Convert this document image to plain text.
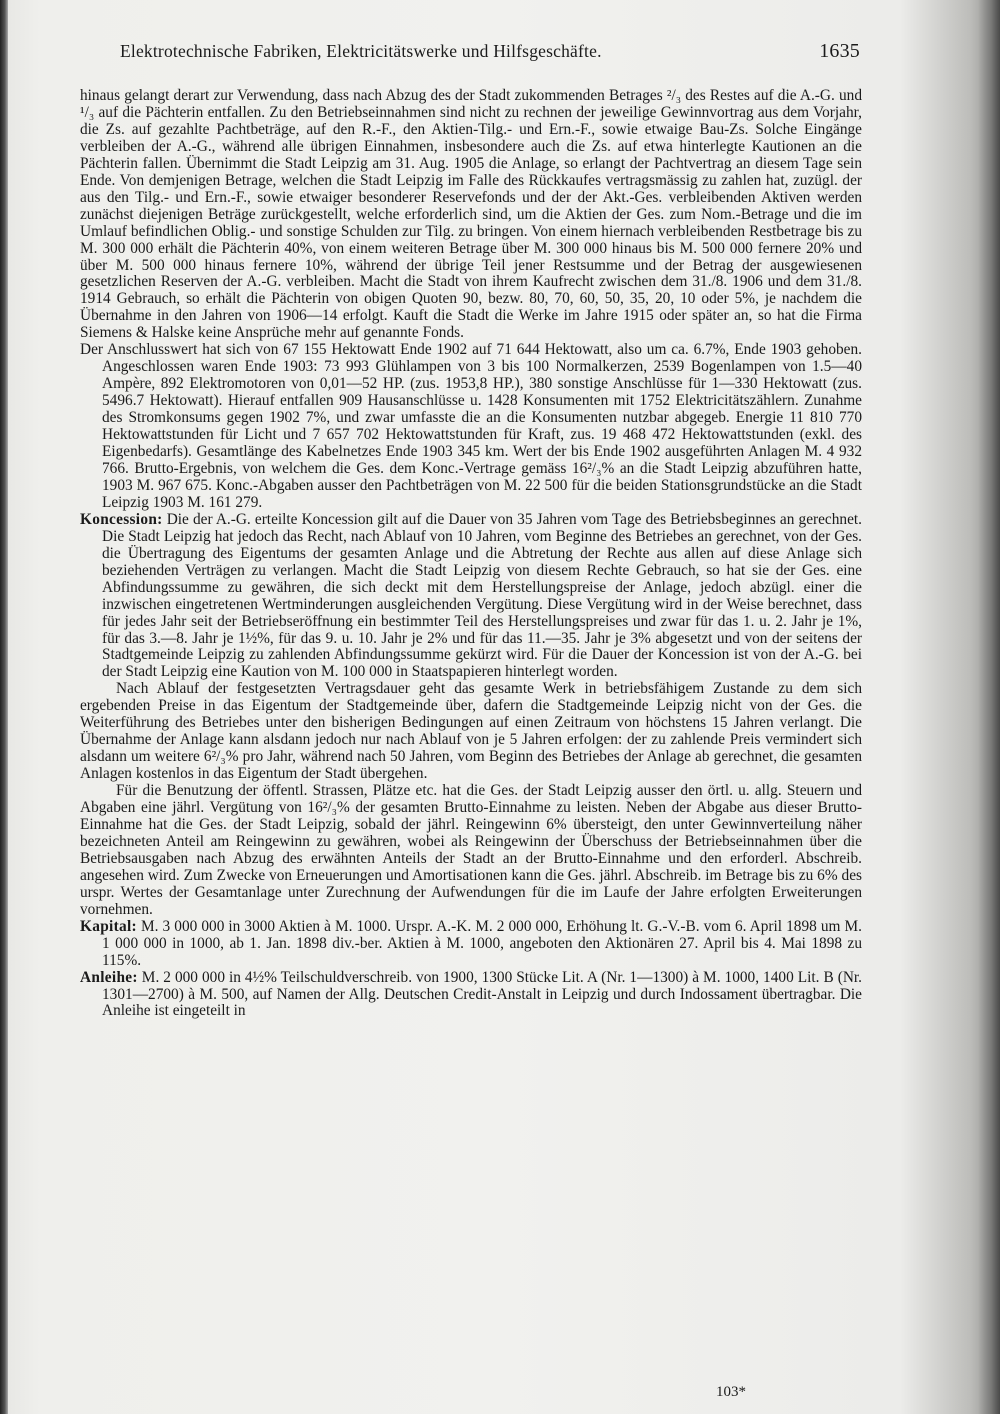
Elektrotechnische Fabriken, Elektricitätswerke und Hilfsgeschäfte.	1635

hinaus gelangt derart zur Verwendung, dass nach Abzug des der Stadt zukommenden Betrages ²/₃ des Restes auf die A.-G. und ¹/₃ auf die Pächterin entfallen. Zu den Betriebseinnahmen sind nicht zu rechnen der jeweilige Gewinnvortrag aus dem Vorjahr, die Zs. auf gezahlte Pachtbeträge, auf den R.-F., den Aktien-Tilg.- und Ern.-F., sowie etwaige Bau-Zs. Solche Eingänge verbleiben der A.-G., während alle übrigen Einnahmen, insbesondere auch die Zs. auf etwa hinterlegte Kautionen an die Pächterin fallen. Übernimmt die Stadt Leipzig am 31. Aug. 1905 die Anlage, so erlangt der Pachtvertrag an diesem Tage sein Ende. Von demjenigen Betrage, welchen die Stadt Leipzig im Falle des Rückkaufes vertragsmässig zu zahlen hat, zuzügl. der aus den Tilg.- und Ern.-F., sowie etwaiger besonderer Reservefonds und der der Akt.-Ges. verbleibenden Aktiven werden zunächst diejenigen Beträge zurückgestellt, welche erforderlich sind, um die Aktien der Ges. zum Nom.-Betrage und die im Umlauf befindlichen Oblig.- und sonstige Schulden zur Tilg. zu bringen. Von einem hiernach verbleibenden Restbetrage bis zu M. 300 000 erhält die Pächterin 40%, von einem weiteren Betrage über M. 300 000 hinaus bis M. 500 000 fernere 20% und über M. 500 000 hinaus fernere 10%, während der übrige Teil jener Restsumme und der Betrag der ausgewiesenen gesetzlichen Reserven der A.-G. verbleiben. Macht die Stadt von ihrem Kaufrecht zwischen dem 31./8. 1906 und dem 31./8. 1914 Gebrauch, so erhält die Pächterin von obigen Quoten 90, bezw. 80, 70, 60, 50, 35, 20, 10 oder 5%, je nachdem die Übernahme in den Jahren von 1906—14 erfolgt. Kauft die Stadt die Werke im Jahre 1915 oder später an, so hat die Firma Siemens & Halske keine Ansprüche mehr auf genannte Fonds.

Der Anschlusswert hat sich von 67 155 Hektowatt Ende 1902 auf 71 644 Hektowatt, also um ca. 6.7%, Ende 1903 gehoben. Angeschlossen waren Ende 1903: 73 993 Glühlampen von 3 bis 100 Normalkerzen, 2539 Bogenlampen von 1.5—40 Ampère, 892 Elektromotoren von 0,01—52 HP. (zus. 1953,8 HP.), 380 sonstige Anschlüsse für 1—330 Hektowatt (zus. 5496.7 Hektowatt). Hierauf entfallen 909 Hausanschlüsse u. 1428 Konsumenten mit 1752 Elektricitätszählern. Zunahme des Stromkonsums gegen 1902 7%, und zwar umfasste die an die Konsumenten nutzbar abgegeb. Energie 11 810 770 Hektowattstunden für Licht und 7 657 702 Hektowattstunden für Kraft, zus. 19 468 472 Hektowattstunden (exkl. des Eigenbedarfs). Gesamtlänge des Kabelnetzes Ende 1903 345 km. Wert der bis Ende 1902 ausgeführten Anlagen M. 4 932 766. Brutto-Ergebnis, von welchem die Ges. dem Konc.-Vertrage gemäss 16²/₃% an die Stadt Leipzig abzuführen hatte, 1903 M. 967 675. Konc.-Abgaben ausser den Pachtbeträgen von M. 22 500 für die beiden Stationsgrundstücke an die Stadt Leipzig 1903 M. 161 279.

Koncession: Die der A.-G. erteilte Koncession gilt auf die Dauer von 35 Jahren vom Tage des Betriebsbeginnes an gerechnet. Die Stadt Leipzig hat jedoch das Recht, nach Ablauf von 10 Jahren, vom Beginne des Betriebes an gerechnet, von der Ges. die Übertragung des Eigentums der gesamten Anlage und die Abtretung der Rechte aus allen auf diese Anlage sich beziehenden Verträgen zu verlangen. Macht die Stadt Leipzig von diesem Rechte Gebrauch, so hat sie der Ges. eine Abfindungssumme zu gewähren, die sich deckt mit dem Herstellungspreise der Anlage, jedoch abzügl. einer die inzwischen eingetretenen Wertminderungen ausgleichenden Vergütung. Diese Vergütung wird in der Weise berechnet, dass für jedes Jahr seit der Betriebseröffnung ein bestimmter Teil des Herstellungspreises und zwar für das 1. u. 2. Jahr je 1%, für das 3.—8. Jahr je 1½%, für das 9. u. 10. Jahr je 2% und für das 11.—35. Jahr je 3% abgesetzt und von der seitens der Stadtgemeinde Leipzig zu zahlenden Abfindungssumme gekürzt wird. Für die Dauer der Koncession ist von der A.-G. bei der Stadt Leipzig eine Kaution von M. 100 000 in Staatspapieren hinterlegt worden.

Nach Ablauf der festgesetzten Vertragsdauer geht das gesamte Werk in betriebsfähigem Zustande zu dem sich ergebenden Preise in das Eigentum der Stadtgemeinde über, dafern die Stadtgemeinde Leipzig nicht von der Ges. die Weiterführung des Betriebes unter den bisherigen Bedingungen auf einen Zeitraum von höchstens 15 Jahren verlangt. Die Übernahme der Anlage kann alsdann jedoch nur nach Ablauf von je 5 Jahren erfolgen: der zu zahlende Preis vermindert sich alsdann um weitere 6²/₃% pro Jahr, während nach 50 Jahren, vom Beginn des Betriebes der Anlage ab gerechnet, die gesamten Anlagen kostenlos in das Eigentum der Stadt übergehen.

Für die Benutzung der öffentl. Strassen, Plätze etc. hat die Ges. der Stadt Leipzig ausser den örtl. u. allg. Steuern und Abgaben eine jährl. Vergütung von 16²/₃% der gesamten Brutto-Einnahme zu leisten. Neben der Abgabe aus dieser Brutto-Einnahme hat die Ges. der Stadt Leipzig, sobald der jährl. Reingewinn 6% übersteigt, den unter Gewinnverteilung näher bezeichneten Anteil am Reingewinn zu gewähren, wobei als Reingewinn der Überschuss der Betriebseinnahmen über die Betriebsausgaben nach Abzug des erwähnten Anteils der Stadt an der Brutto-Einnahme und den erforderl. Abschreib. angesehen wird. Zum Zwecke von Erneuerungen und Amortisationen kann die Ges. jährl. Abschreib. im Betrage bis zu 6% des urspr. Wertes der Gesamtanlage unter Zurechnung der Aufwendungen für die im Laufe der Jahre erfolgten Erweiterungen vornehmen.

Kapital: M. 3 000 000 in 3000 Aktien à M. 1000. Urspr. A.-K. M. 2 000 000, Erhöhung lt. G.-V.-B. vom 6. April 1898 um M. 1 000 000 in 1000, ab 1. Jan. 1898 div.-ber. Aktien à M. 1000, angeboten den Aktionären 27. April bis 4. Mai 1898 zu 115%.

Anleihe: M. 2 000 000 in 4½% Teilschuldverschreib. von 1900, 1300 Stücke Lit. A (Nr. 1—1300) à M. 1000, 1400 Lit. B (Nr. 1301—2700) à M. 500, auf Namen der Allg. Deutschen Credit-Anstalt in Leipzig und durch Indossament übertragbar. Die Anleihe ist eingeteilt in

103*
